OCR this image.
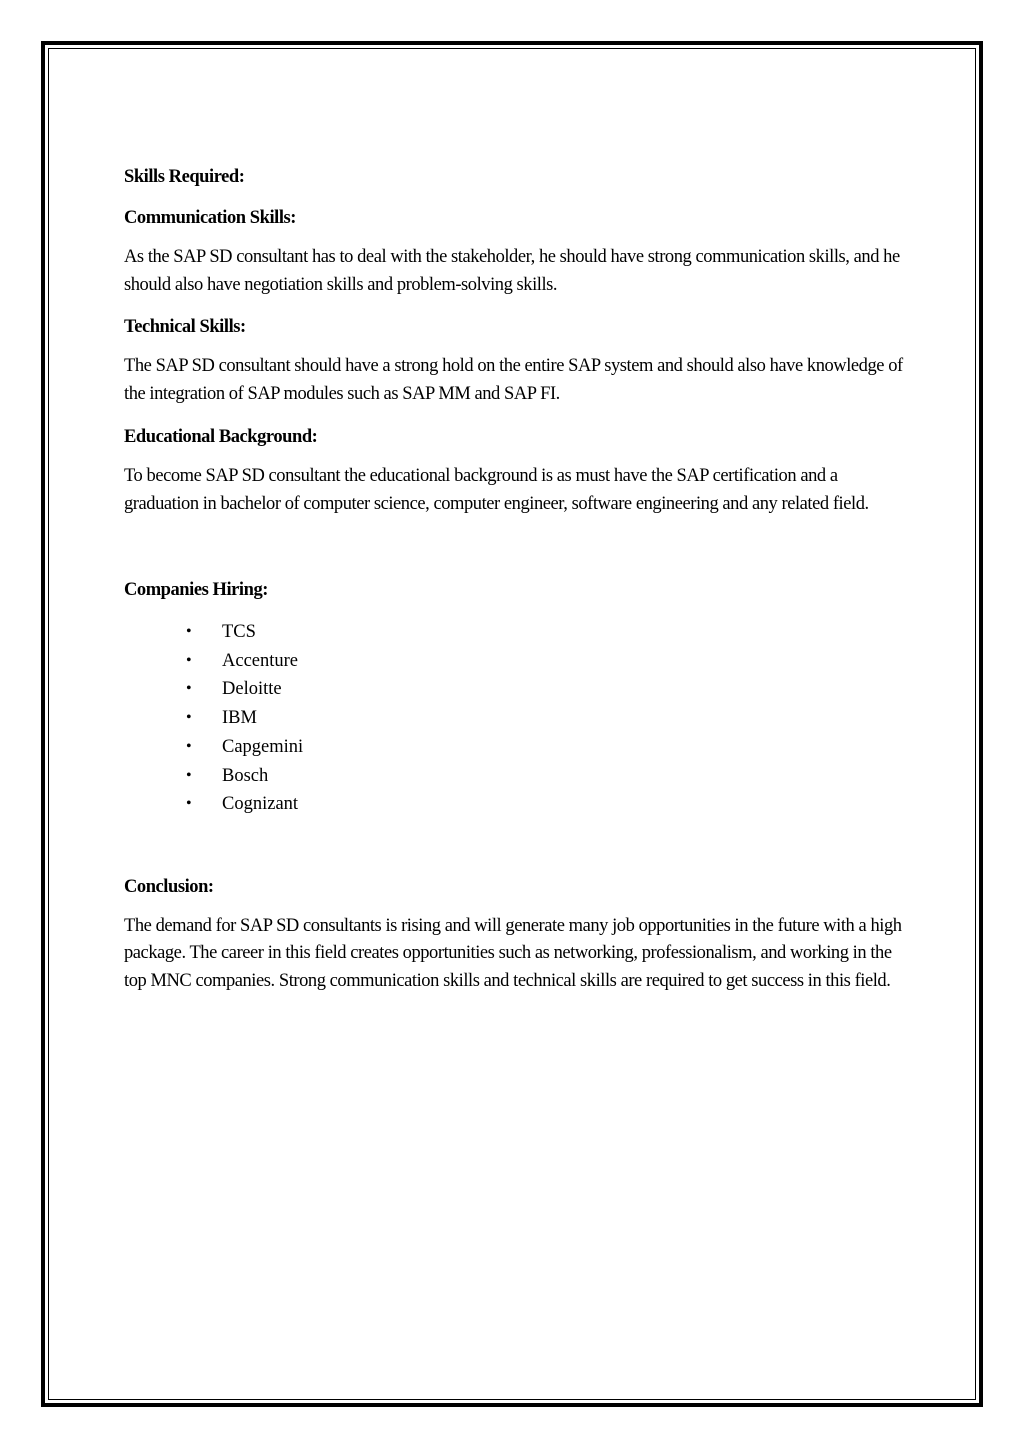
Skills Required:

Communication Skills:

As the SAP SD consultant has to deal with the stakeholder, he should have strong communication skills, and he should also have negotiation skills and problem-solving skills.

Technical Skills:

The SAP SD consultant should have a strong hold on the entire SAP system and should also have knowledge of the integration of SAP modules such as SAP MM and SAP FI.

Educational Background:

To become SAP SD consultant the educational background is as must have the SAP certification and a graduation in bachelor of computer science, computer engineer, software engineering and any related field.

Companies Hiring:

• TCS
• Accenture
• Deloitte
• IBM
• Capgemini
• Bosch
• Cognizant

Conclusion:

The demand for SAP SD consultants is rising and will generate many job opportunities in the future with a high package. The career in this field creates opportunities such as networking, professionalism, and working in the top MNC companies. Strong communication skills and technical skills are required to get success in this field.
